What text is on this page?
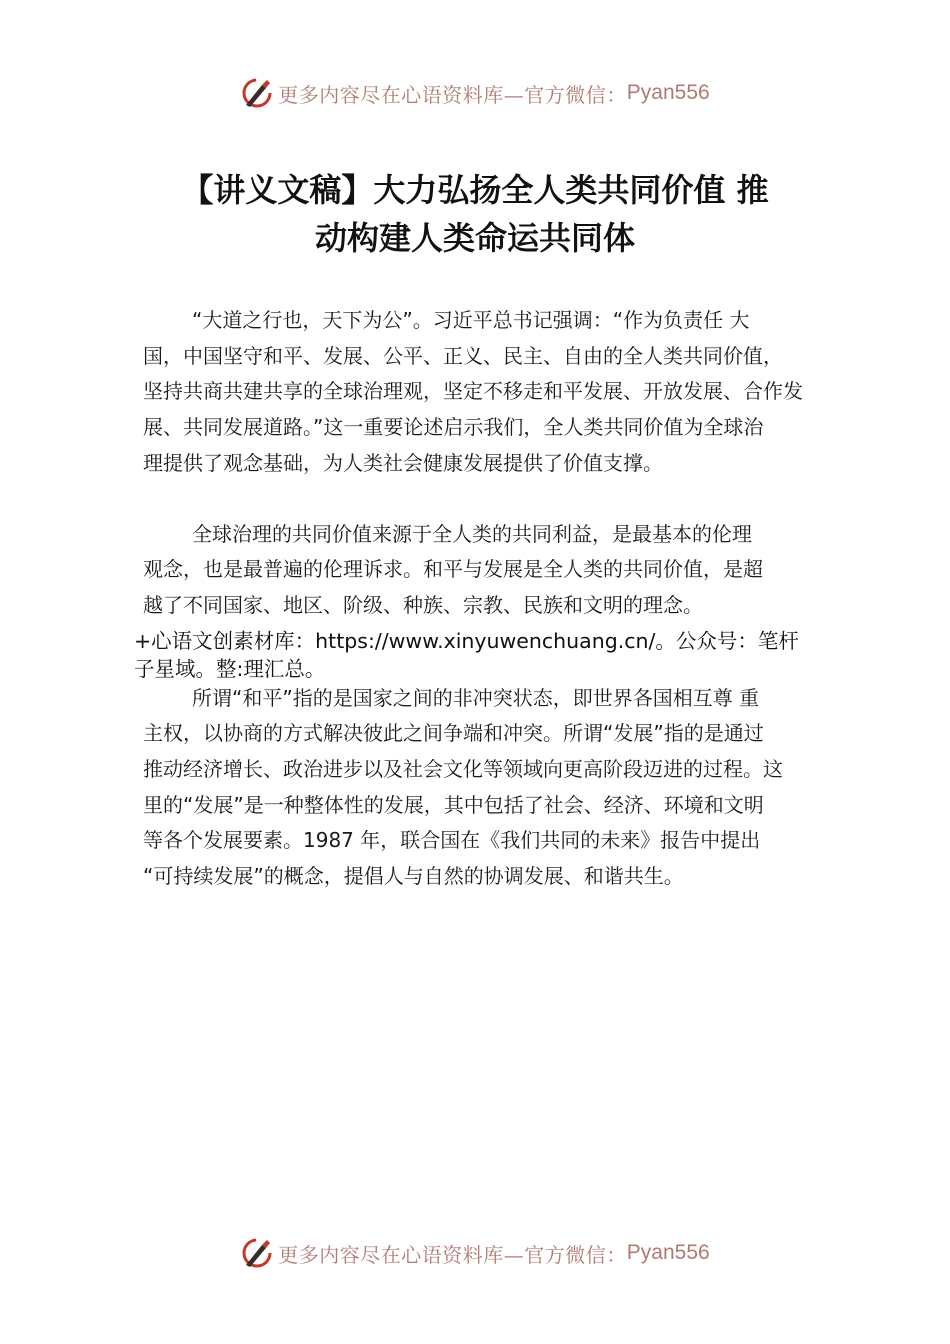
更多内容尽在心语资料库—官方微信： Pyan556
【讲义文稿】大力弘扬全人类共同价值 推
动构建人类命运共同体
“大道之行也，天下为公”。习近平总书记强调：“作为负责任 大
国，中国坚守和平、发展、公平、正义、民主、自由的全人类共同价值，
坚持共商共建共享的全球治理观，坚定不移走和平发展、开放发展、合作发
展、共同发展道路。”这一重要论述启示我们，全人类共同价值为全球治
理提供了观念基础，为人类社会健康发展提供了价值支撑。
全球治理的共同价值来源于全人类的共同利益，是最基本的伦理
观念，也是最普遍的伦理诉求。和平与发展是全人类的共同价值，是超
越了不同国家、地区、阶级、种族、宗教、民族和文明的理念。
+心语文创素材库：https://www.xinyuwenchuang.cn/。公众号：笔杆
子星域。整:理汇总。
所谓“和平”指的是国家之间的非冲突状态，即世界各国相互尊 重
主权，以协商的方式解决彼此之间争端和冲突。所谓“发展”指的是通过
推动经济增长、政治进步以及社会文化等领域向更高阶段迈进的过程。这
里的“发展”是一种整体性的发展，其中包括了社会、经济、环境和文明
等各个发展要素。1987 年，联合国在《我们共同的未来》报告中提出
“可持续发展”的概念，提倡人与自然的协调发展、和谐共生。
更多内容尽在心语资料库—官方微信： Pyan556
